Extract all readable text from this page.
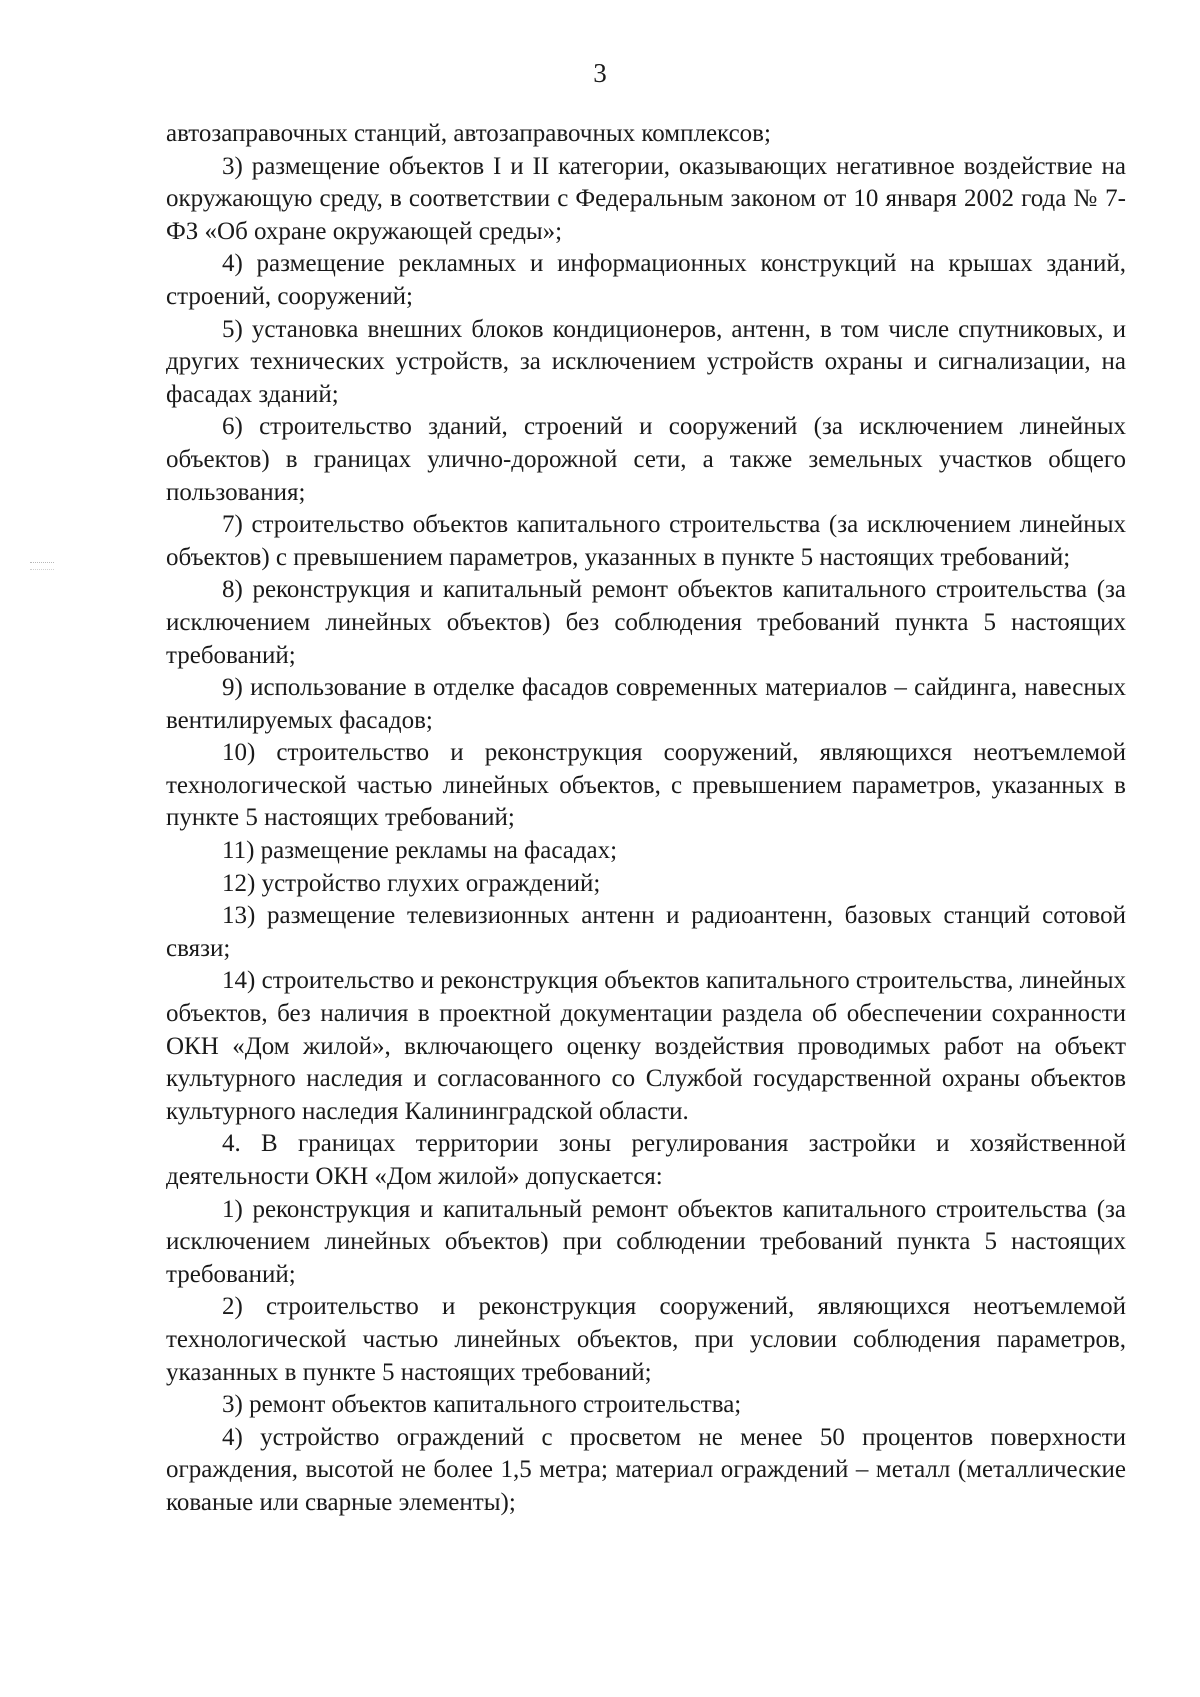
3

автозаправочных станций, автозаправочных комплексов;

3) размещение объектов I и II категории, оказывающих негативное воздействие на окружающую среду, в соответствии с Федеральным законом от 10 января 2002 года № 7-ФЗ «Об охране окружающей среды»;

4) размещение рекламных и информационных конструкций на крышах зданий, строений, сооружений;

5) установка внешних блоков кондиционеров, антенн, в том числе спутниковых, и других технических устройств, за исключением устройств охраны и сигнализации, на фасадах зданий;

6) строительство зданий, строений и сооружений (за исключением линейных объектов) в границах улично-дорожной сети, а также земельных участков общего пользования;

7) строительство объектов капитального строительства (за исключением линейных объектов) с превышением параметров, указанных в пункте 5 настоящих требований;

8) реконструкция и капитальный ремонт объектов капитального строительства (за исключением линейных объектов) без соблюдения требований пункта 5 настоящих требований;

9) использование в отделке фасадов современных материалов – сайдинга, навесных вентилируемых фасадов;

10) строительство и реконструкция сооружений, являющихся неотъемлемой технологической частью линейных объектов, с превышением параметров, указанных в пункте 5 настоящих требований;

11) размещение рекламы на фасадах;

12) устройство глухих ограждений;

13) размещение телевизионных антенн и радиоантенн, базовых станций сотовой связи;

14) строительство и реконструкция объектов капитального строительства, линейных объектов, без наличия в проектной документации раздела об обеспечении сохранности ОКН «Дом жилой», включающего оценку воздействия проводимых работ на объект культурного наследия и согласованного со Службой государственной охраны объектов культурного наследия Калининградской области.

4. В границах территории зоны регулирования застройки и хозяйственной деятельности ОКН «Дом жилой» допускается:

1) реконструкция и капитальный ремонт объектов капитального строительства (за исключением линейных объектов) при соблюдении требований пункта 5 настоящих требований;

2) строительство и реконструкция сооружений, являющихся неотъемлемой технологической частью линейных объектов, при условии соблюдения параметров, указанных в пункте 5 настоящих требований;

3) ремонт объектов капитального строительства;

4) устройство ограждений с просветом не менее 50 процентов поверхности ограждения, высотой не более 1,5 метра; материал ограждений – металл (металлические кованые или сварные элементы);
